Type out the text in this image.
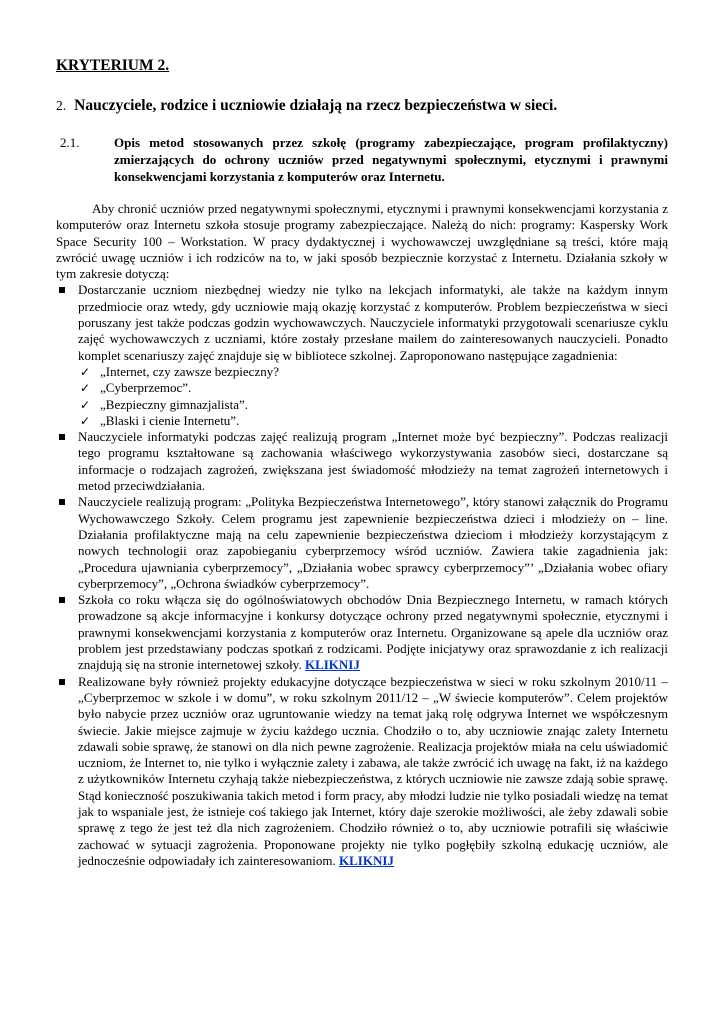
KRYTERIUM 2.

2. Nauczyciele, rodzice i uczniowie działają na rzecz bezpieczeństwa w sieci.
2.1.	Opis metod stosowanych przez szkołę (programy zabezpieczające, program profilaktyczny) zmierzających do ochrony uczniów przed negatywnymi społecznymi, etycznymi i prawnymi konsekwencjami korzystania z komputerów oraz Internetu.

Aby chronić uczniów przed negatywnymi społecznymi, etycznymi i prawnymi konsekwencjami korzystania z komputerów oraz Internetu szkoła stosuje programy zabezpieczające. Należą do nich: programy: Kaspersky Work Space Security 100 – Workstation. W pracy dydaktycznej i wychowawczej uwzględniane są treści, które mają zwrócić uwagę uczniów i ich rodziców na to, w jaki sposób bezpiecznie korzystać z Internetu. Działania szkoły w tym zakresie dotyczą:

Dostarczanie uczniom niezbędnej wiedzy nie tylko na lekcjach informatyki, ale także na każdym innym przedmiocie oraz wtedy, gdy uczniowie mają okazję korzystać z komputerów. Problem bezpieczeństwa w sieci poruszany jest także podczas godzin wychowawczych. Nauczyciele informatyki przygotowali scenariusze cyklu zajęć wychowawczych z uczniami, które zostały przesłane mailem do zainteresowanych nauczycieli. Ponadto komplet scenariuszy zajęć znajduje się w bibliotece szkolnej. Zaproponowano następujące zagadnienia:
✓ „Internet, czy zawsze bezpieczny?
✓ „Cyberprzemoc”.
✓ „Bezpieczny gimnazjalista”.
✓ „Blaski i cienie Internetu”.
Nauczyciele informatyki podczas zajęć realizują program „Internet może być bezpieczny”. Podczas realizacji tego programu kształtowane są zachowania właściwego wykorzystywania zasobów sieci, dostarczane są informacje o rodzajach zagrożeń, zwiększana jest świadomość młodzieży na temat zagrożeń internetowych i metod przeciwdziałania.
Nauczyciele realizują program: „Polityka Bezpieczeństwa Internetowego”, który stanowi załącznik do Programu Wychowawczego Szkoły. Celem programu jest zapewnienie bezpieczeństwa dzieci i młodzieży on – line. Działania profilaktyczne mają na celu zapewnienie bezpieczeństwa dzieciom i młodzieży korzystającym z nowych technologii oraz zapobieganiu cyberprzemocy wśród uczniów. Zawiera takie zagadnienia jak: „Procedura ujawniania cyberprzemocy”, „Działania wobec sprawcy cyberprzemocy”’ „Działania wobec ofiary cyberprzemocy”, „Ochrona świadków cyberprzemocy”.
Szkoła co roku włącza się do ogólnoświatowych obchodów Dnia Bezpiecznego Internetu, w ramach których prowadzone są akcje informacyjne i konkursy dotyczące ochrony przed negatywnymi społecznie, etycznymi i prawnymi konsekwencjami korzystania z komputerów oraz Internetu. Organizowane są apele dla uczniów oraz problem jest przedstawiany podczas spotkań z rodzicami. Podjęte inicjatywy oraz sprawozdanie z ich realizacji znajdują się na stronie internetowej szkoły. KLIKNIJ
Realizowane były również projekty edukacyjne dotyczące bezpieczeństwa w sieci w roku szkolnym 2010/11 – „Cyberprzemoc w szkole i w domu”, w roku szkolnym 2011/12 – „W świecie komputerów”. Celem projektów było nabycie przez uczniów oraz ugruntowanie wiedzy na temat jaką rolę odgrywa Internet we współczesnym świecie. Jakie miejsce zajmuje w życiu każdego ucznia. Chodziło o to, aby uczniowie znając zalety Internetu zdawali sobie sprawę, że stanowi on dla nich pewne zagrożenie. Realizacja projektów miała na celu uświadomić uczniom, że Internet to, nie tylko i wyłącznie zalety i zabawa, ale także zwrócić ich uwagę na fakt, iż na każdego z użytkowników Internetu czyhają także niebezpieczeństwa, z których uczniowie nie zawsze zdają sobie sprawę. Stąd konieczność poszukiwania takich metod i form pracy, aby młodzi ludzie nie tylko posiadali wiedzę na temat jak to wspaniale jest, że istnieje coś takiego jak Internet, który daje szerokie możliwości, ale żeby zdawali sobie sprawę z tego że jest też dla nich zagrożeniem. Chodziło również o to, aby uczniowie potrafili się właściwie zachować w sytuacji zagrożenia. Proponowane projekty nie tylko pogłębiły szkolną edukację uczniów, ale jednocześnie odpowiadały ich zainteresowaniom. KLIKNIJ
